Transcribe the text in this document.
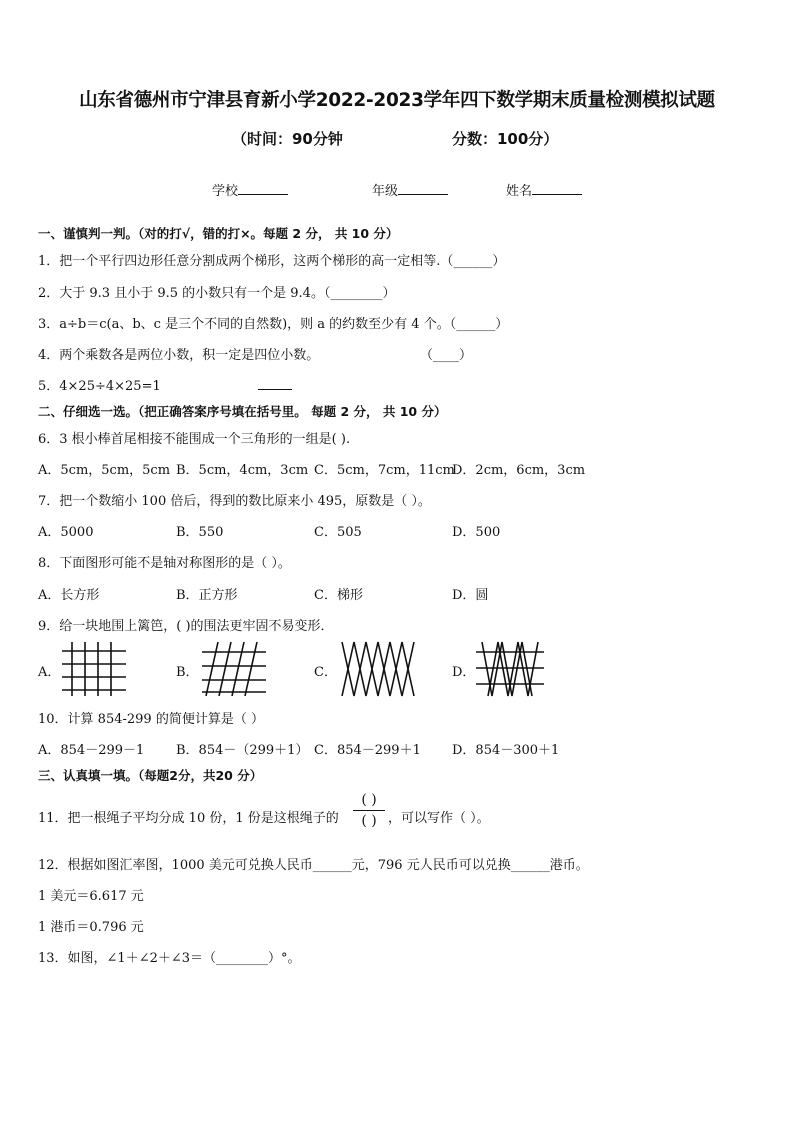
山东省德州市宁津县育新小学2022-2023学年四下数学期末质量检测模拟试题
（时间：90分钟	分数：100分）
学校	年级	姓名
一、谨慎判一判。（对的打√，错的打×。每题 2 分， 共 10 分）
1．把一个平行四边形任意分割成两个梯形，这两个梯形的高一定相等.（______）
2．大于 9.3 且小于 9.5 的小数只有一个是 9.4。（________）
3．a÷b＝c(a、b、c 是三个不同的自然数)，则 a 的约数至少有 4 个。（______）
4．两个乘数各是两位小数，积一定是四位小数。	（____）
5．4×25÷4×25=1
二、仔细选一选。（把正确答案序号填在括号里。 每题 2 分， 共 10 分）
6．3 根小棒首尾相接不能围成一个三角形的一组是( ).
A．5cm，5cm，5cm B．5cm，4cm，3cm C．5cm，7cm，11cm
D．2cm，6cm，3cm
7．把一个数缩小 100 倍后，得到的数比原来小 495，原数是（ ）。
A．5000	B．550	C．505	D．500
8．下面图形可能不是轴对称图形的是（ ）。
A．长方形	B．正方形	C．梯形	D．圆
9．给一块地围上篱笆，( )的围法更牢固不易变形．
A．	B．	C．	D．
10．计算 854-299 的简便计算是（ ）
A．854－299－1 B．854－（299＋1） C．854－299＋1 D．854－300＋1
三、认真填一填。（每题2分，共20 分）
11．把一根绳子平均分成 10 份，1 份是这根绳子的
( )
( ) ，可以写作（ ）。
12．根据如图汇率图，1000 美元可兑换人民币______元，796 元人民币可以兑换______港币。
1 美元＝6.617 元
1 港币＝0.796 元
13．如图，∠1＋∠2＋∠3＝（________）°。
